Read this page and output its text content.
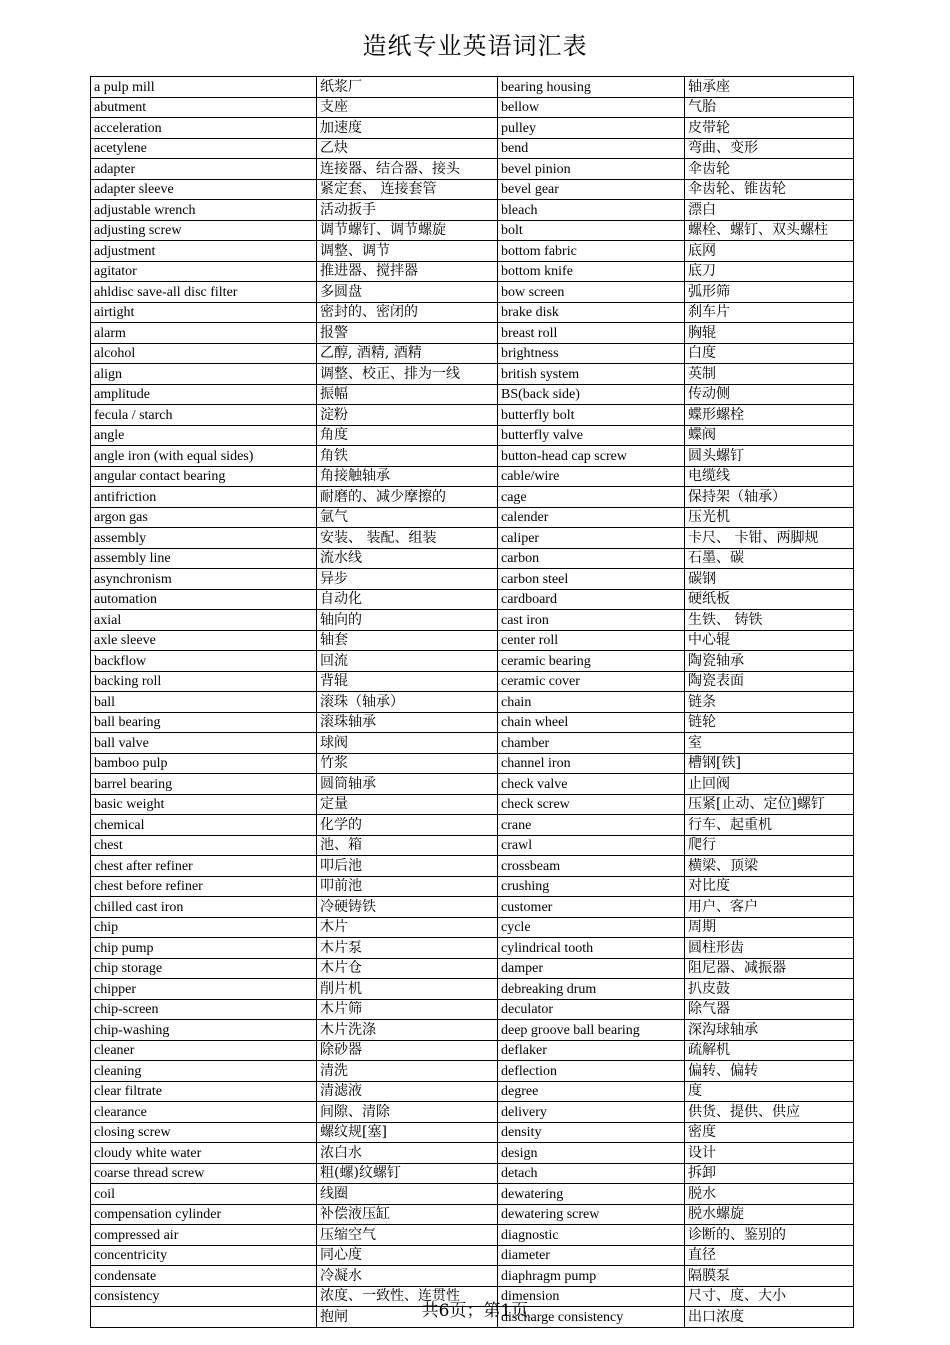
造纸专业英语词汇表
a pulp mill	纸浆厂	bearing housing	轴承座
abutment	支座	bellow	气胎
acceleration	加速度	pulley	皮带轮
acetylene	乙炔	bend	弯曲、变形
adapter	连接器、结合器、接头	bevel pinion	伞齿轮
adapter sleeve	紧定套、 连接套管	bevel gear	伞齿轮、锥齿轮
adjustable wrench	活动扳手	bleach	漂白
adjusting screw	调节螺钉、调节螺旋	bolt	螺栓、螺钉、双头螺柱
adjustment	调整、调节	bottom fabric	底网
agitator	推进器、搅拌器	bottom knife	底刀
ahldisc save-all disc filter	多圆盘	bow screen	弧形筛
airtight	密封的、密闭的	brake disk	刹车片
alarm	报警	breast roll	胸辊
alcohol	乙醇, 酒精, 酒精	brightness	白度
align	调整、校正、排为一线	british system	英制
amplitude	振幅	BS(back side)	传动侧
fecula / starch	淀粉	butterfly bolt	蝶形螺栓
angle	角度	butterfly valve	蝶阀
angle iron (with equal sides)	角铁	button-head cap screw	圆头螺钉
angular contact bearing	角接触轴承	cable/wire	电缆线
antifriction	耐磨的、减少摩擦的	cage	保持架（轴承）
argon gas	氩气	calender	压光机
assembly	安装、 装配、组装	caliper	卡尺、 卡钳、两脚规
assembly line	流水线	carbon	石墨、碳
asynchronism	异步	carbon steel	碳钢
automation	自动化	cardboard	硬纸板
axial	轴向的	cast iron	生铁、 铸铁
axle sleeve	轴套	center roll	中心辊
backflow	回流	ceramic bearing	陶瓷轴承
backing roll	背辊	ceramic cover	陶瓷表面
ball	滚珠（轴承）	chain	链条
ball bearing	滚珠轴承	chain wheel	链轮
ball valve	球阀	chamber	室
bamboo pulp	竹浆	channel iron	槽钢[铁]
barrel bearing	圆筒轴承	check valve	止回阀
basic weight	定量	check screw	压紧[止动、定位]螺钉
chemical	化学的	crane	行车、起重机
chest	池、箱	crawl	爬行
chest after refiner	叩后池	crossbeam	横梁、顶梁
chest before refiner	叩前池	crushing	对比度
chilled cast iron	冷硬铸铁	customer	用户、客户
chip	木片	cycle	周期
chip pump	木片泵	cylindrical tooth	圆柱形齿
chip storage	木片仓	damper	阻尼器、减振器
chipper	削片机	debreaking drum	扒皮鼓
chip-screen	木片筛	deculator	除气器
chip-washing	木片洗涤	deep groove ball bearing	深沟球轴承
cleaner	除砂器	deflaker	疏解机
cleaning	清洗	deflection	偏转、偏转
clear filtrate	清滤液	degree	度
clearance	间隙、清除	delivery	供货、提供、供应
closing screw	螺纹规[塞]	density	密度
cloudy white water	浓白水	design	设计
coarse thread screw	粗(螺)纹螺钉	detach	拆卸
coil	线圈	dewatering	脱水
compensation cylinder	补偿液压缸	dewatering screw	脱水螺旋
compressed air	压缩空气	diagnostic	诊断的、鉴别的
concentricity	同心度	diameter	直径
condensate	冷凝水	diaphragm pump	隔膜泵
consistency	浓度、一致性、连贯性	dimension	尺寸、度、大小
	抱闸	discharge consistency	出口浓度
共6页；第1页
